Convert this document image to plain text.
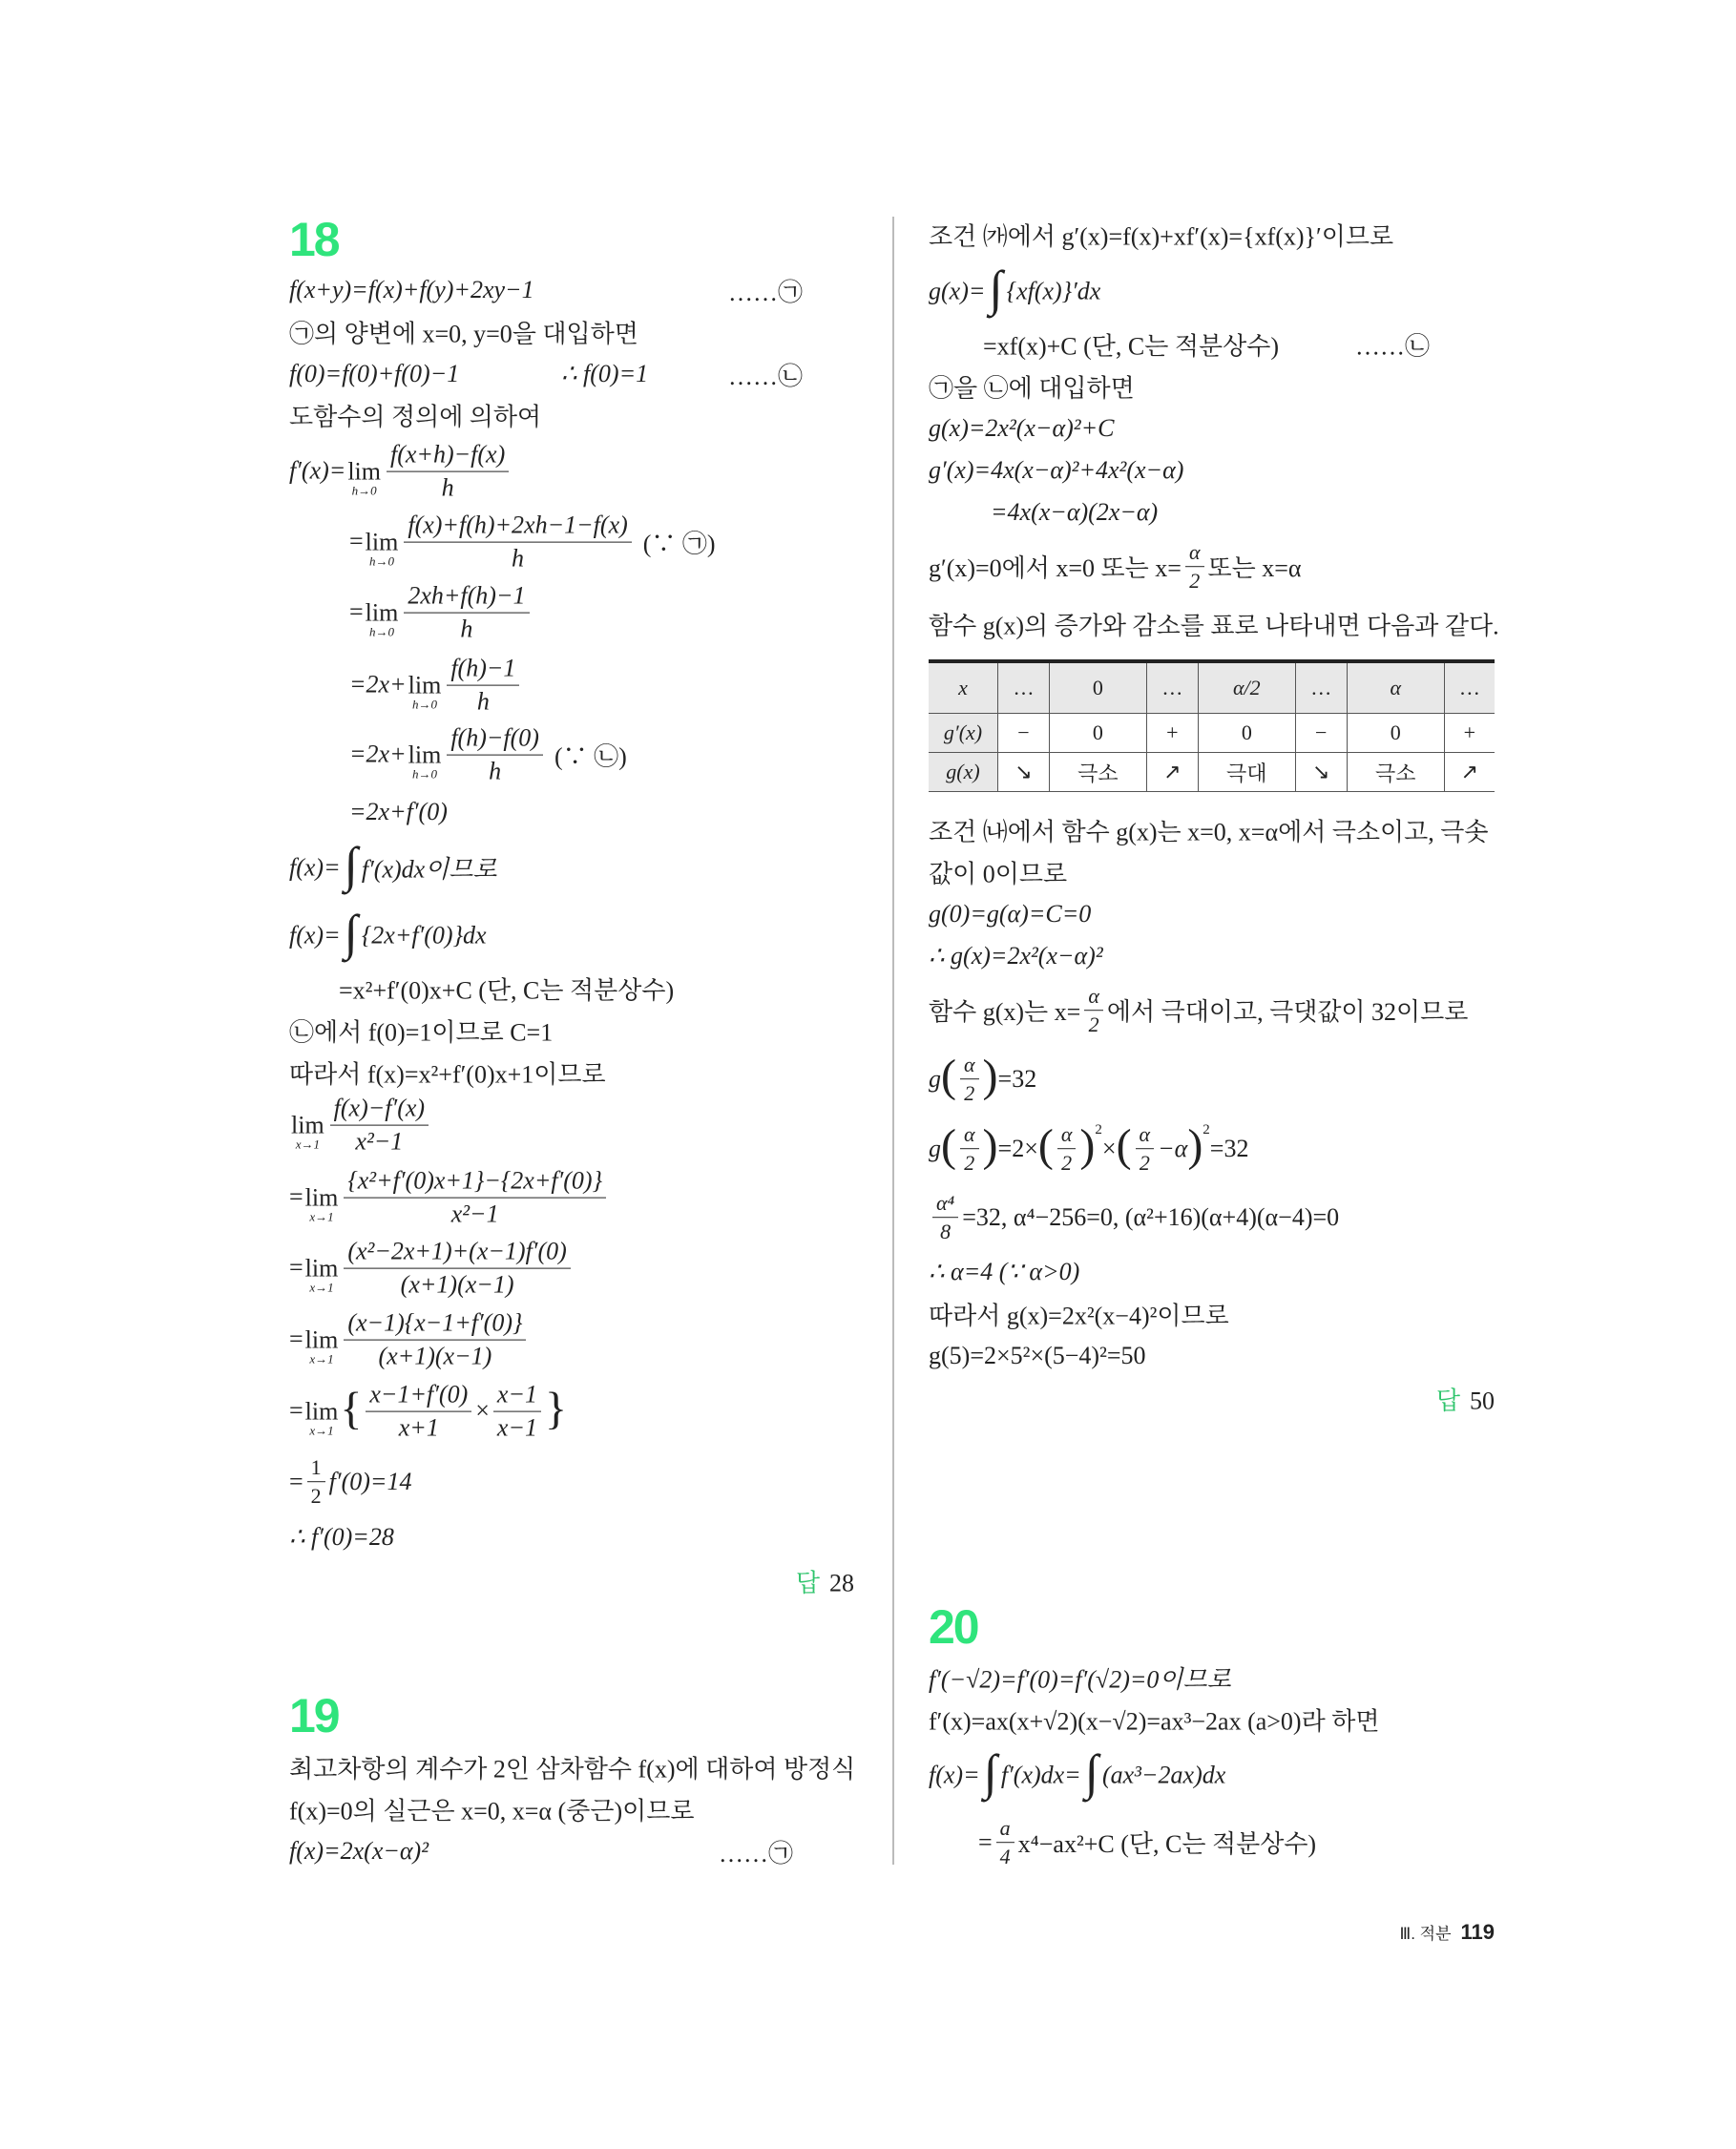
18
f(x+y)=f(x)+f(y)+2xy−1	……㉠
㉠의 양변에 x=0, y=0을 대입하면
f(0)=f(0)+f(0)−1	∴ f(0)=1	……㉡
도함수의 정의에 의하여
f′(x)= lim
$h\to 0 \frac{f(x+h)-f(x)}{h}$
= lim
$h\to 0 \frac{f(x)+f(h)+2xh-1-f(x)}{h}$ (∵ ㉠)
= lim
$h\to 0 \frac{2xh+f(h)-1}{h}$
=2x+ lim
$h\to 0 \frac{f(h)-1}{h}$
=2x+ lim
$h\to 0 \frac{f(h)-f(0)}{h}$ (∵ ㉡)
=2x+f′(0)
f(x)= ∫ f′(x)dx이므로
f(x)= ∫ {2x+f′(0)}dx
=x²+f′(0)x+C (단, C는 적분상수)
㉡에서 f(0)=1이므로 C=1
따라서 f(x)=x²+f′(0)x+1이므로
lim
$x\to 1 \frac{f(x)-f'(x)}{\text{x²−1}}$
= lim
$x\to 1 \frac{\text{\{x²+f′(0)x+1\}−\{2x+f′(0)\}}}{\text{x²−1}}$
= lim
$x\to 1 \frac{\text{(x²−2x+1)+(x−1)f′(0)}}{(x+1)(x-1)}$
= lim
$x\to 1 \frac{(x-1)\{x-1+f'(0)\}}{(x+1)(x-1)}$
= lim
x→1 { $\frac{x-1+f'(0)}{x+1} \times \frac{x-1}{x-1}$ }
= $\frac{1}{2} f'(0)=14$
∴ f′(0)=28
답 28
19
최고차항의 계수가 2인 삼차함수 f(x)에 대하여 방정식
f(x)=0의 실근은 x=0, x=α (중근)이므로
f(x)=2x(x−α)²	……㉠
조건 ㈎에서 g′(x)=f(x)+xf′(x)={xf(x)}′이므로
g(x)= ∫ {xf(x)}′dx
=xf(x)+C (단, C는 적분상수)	……㉡
㉠을 ㉡에 대입하면
g(x)=2x²(x−α)²+C
g′(x)=4x(x−α)²+4x²(x−α)
=4x(x−α)(2x−α)
g′(x)=0에서 x=0 또는 $x= \frac{\alpha}{2}$ 또는 x=α
함수 g(x)의 증가와 감소를 표로 나타내면 다음과 같다.
x	…	0	…	α/2	…	α	…
g′(x)	−	0	+	0	−	0	+
g(x)	↘	극소	↗	극대	↘	극소	↗
조건 ㈏에서 함수 g(x)는 x=0, x=α에서 극소이고, 극솟
값이 0이므로
g(0)=g(α)=C=0
∴ g(x)=2x²(x−α)²
함수 g(x)는 $x= \frac{\alpha}{2}$ 에서 극대이고, 극댓값이 32이므로
g ( $\frac{\alpha}{2}$ ) =32
g ( $\frac{\alpha}{2}$ ) =2× ( $\frac{\alpha}{2} )^2$
× ( $\frac{\alpha}{2} -\alpha$ )$^2$
=32
$\frac{\text{α⁴}}{8} =32$, α⁴−256=0, (α²+16)(α+4)(α−4)=0
∴ α=4 (∵ α>0)
따라서 g(x)=2x²(x−4)²이므로
g(5)=2×5²×(5−4)²=50
답 50
20
f′(−√2)=f′(0)=f′(√2)=0이므로
f′(x)=ax(x+√2)(x−√2)=ax³−2ax (a>0)라 하면
f(x)= ∫ f′(x)dx= ∫ (ax³−2ax)dx
= $\frac{a}{4} x^4-ax^2+C$ (단, C는 적분상수)
Ⅲ. 적분 119
